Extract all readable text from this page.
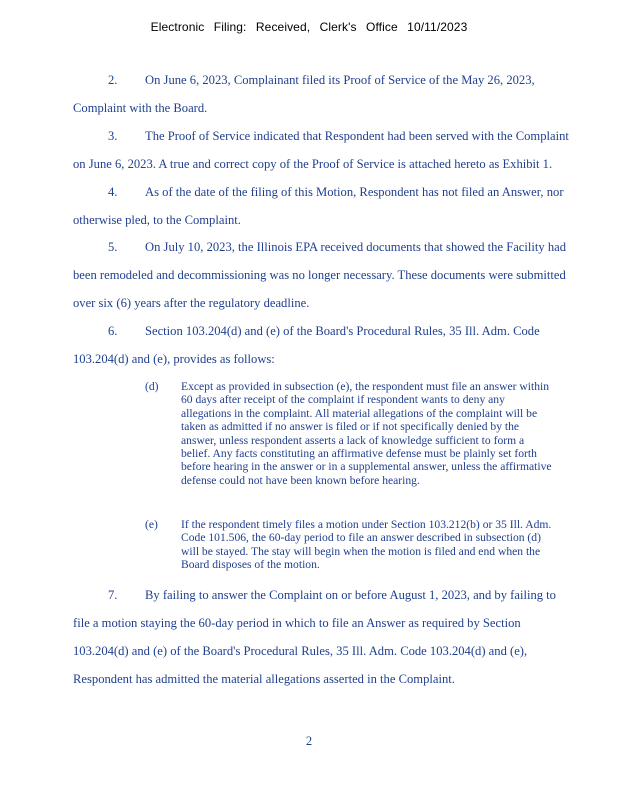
Electronic Filing: Received, Clerk's Office 10/11/2023
2. On June 6, 2023, Complainant filed its Proof of Service of the May 26, 2023,
Complaint with the Board.
3. The Proof of Service indicated that Respondent had been served with the Complaint
on June 6, 2023. A true and correct copy of the Proof of Service is attached hereto as Exhibit 1.
4. As of the date of the filing of this Motion, Respondent has not filed an Answer, nor
otherwise pled, to the Complaint.
5. On July 10, 2023, the Illinois EPA received documents that showed the Facility had
been remodeled and decommissioning was no longer necessary. These documents were submitted
over six (6) years after the regulatory deadline.
6. Section 103.204(d) and (e) of the Board's Procedural Rules, 35 Ill. Adm. Code
103.204(d) and (e), provides as follows:
(d) Except as provided in subsection (e), the respondent must file an answer within 60 days after receipt of the complaint if respondent wants to deny any allegations in the complaint. All material allegations of the complaint will be taken as admitted if no answer is filed or if not specifically denied by the answer, unless respondent asserts a lack of knowledge sufficient to form a belief. Any facts constituting an affirmative defense must be plainly set forth before hearing in the answer or in a supplemental answer, unless the affirmative defense could not have been known before hearing.
(e) If the respondent timely files a motion under Section 103.212(b) or 35 Ill. Adm. Code 101.506, the 60-day period to file an answer described in subsection (d) will be stayed. The stay will begin when the motion is filed and end when the Board disposes of the motion.
7. By failing to answer the Complaint on or before August 1, 2023, and by failing to
file a motion staying the 60-day period in which to file an Answer as required by Section
103.204(d) and (e) of the Board's Procedural Rules, 35 Ill. Adm. Code 103.204(d) and (e),
Respondent has admitted the material allegations asserted in the Complaint.
2
